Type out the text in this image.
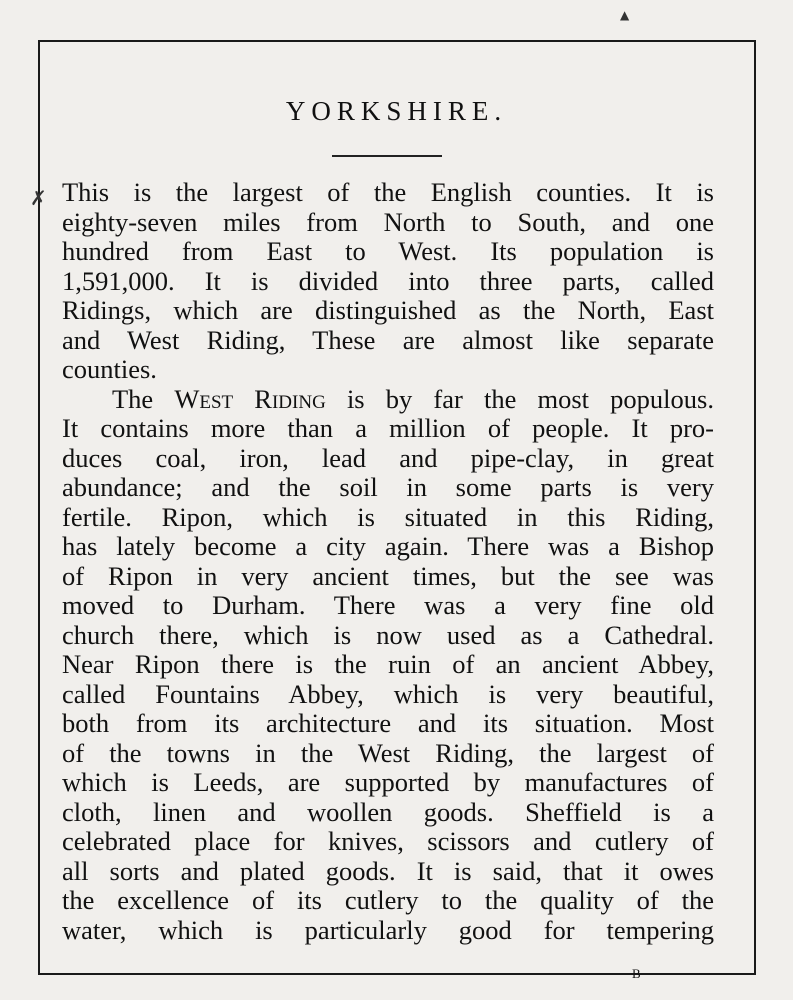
YORKSHIRE.

This is the largest of the English counties. It is
eighty-seven miles from North to South, and one
hundred from East to West. Its population is
1,591,000. It is divided into three parts, called
Ridings, which are distinguished as the North, East
and West Riding, These are almost like separate
counties.

The West Riding is by far the most populous.
It contains more than a million of people. It pro-
duces coal, iron, lead and pipe-clay, in great
abundance; and the soil in some parts is very
fertile. Ripon, which is situated in this Riding,
has lately become a city again. There was a Bishop
of Ripon in very ancient times, but the see was
moved to Durham. There was a very fine old
church there, which is now used as a Cathedral.
Near Ripon there is the ruin of an ancient Abbey,
called Fountains Abbey, which is very beautiful,
both from its architecture and its situation. Most
of the towns in the West Riding, the largest of
which is Leeds, are supported by manufactures of
cloth, linen and woollen goods. Sheffield is a
celebrated place for knives, scissors and cutlery of
all sorts and plated goods. It is said, that it owes
the excellence of its cutlery to the quality of the
water, which is particularly good for tempering

✗
▲
B
